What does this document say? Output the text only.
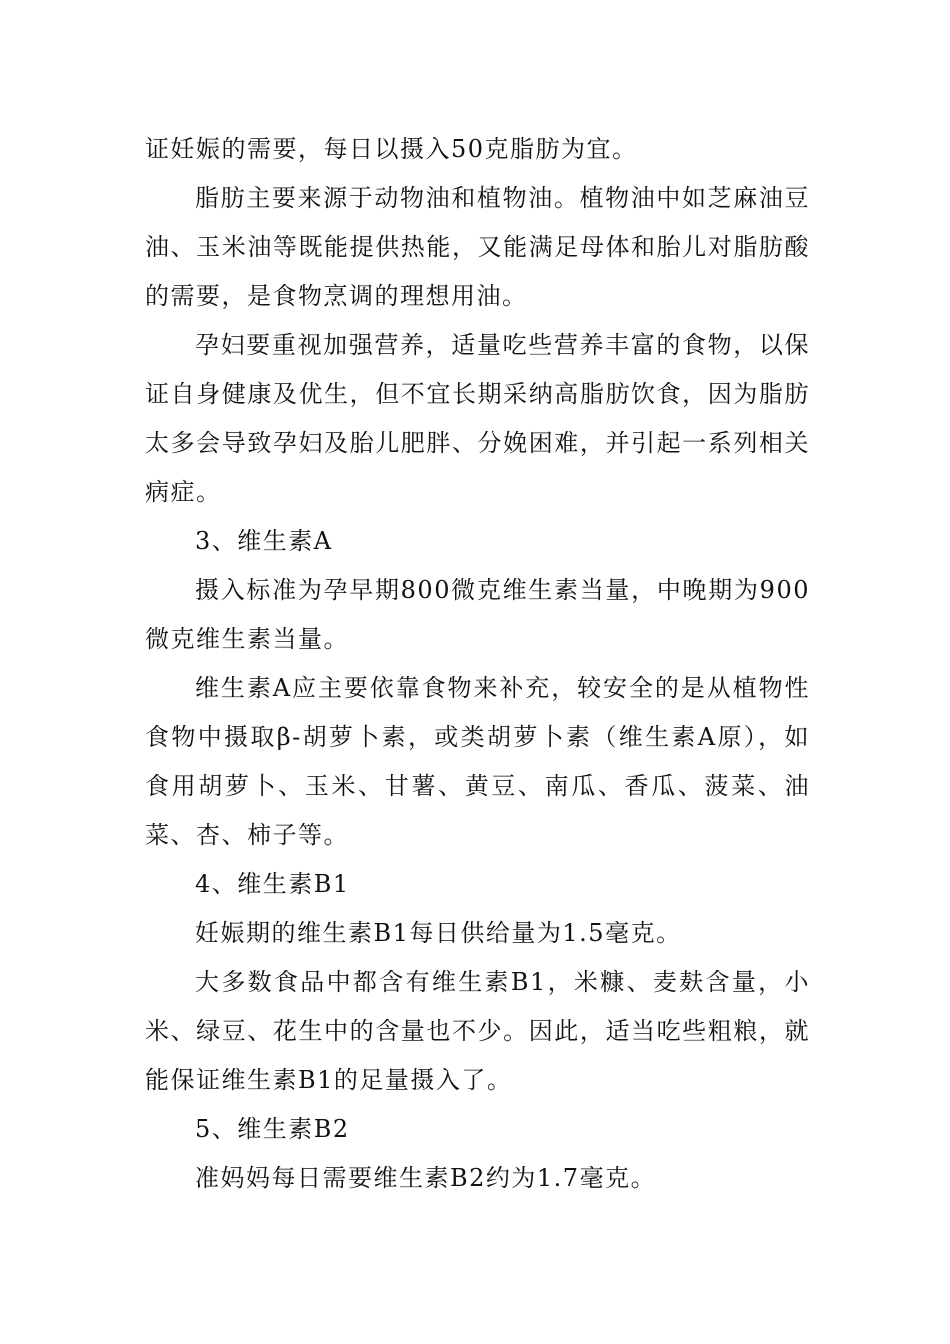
证妊娠的需要，每日以摄入50克脂肪为宜。

脂肪主要来源于动物油和植物油。植物油中如芝麻油豆油、玉米油等既能提供热能，又能满足母体和胎儿对脂肪酸的需要，是食物烹调的理想用油。

孕妇要重视加强营养，适量吃些营养丰富的食物，以保证自身健康及优生，但不宜长期采纳高脂肪饮食，因为脂肪太多会导致孕妇及胎儿肥胖、分娩困难，并引起一系列相关病症。

3、维生素A

摄入标准为孕早期800微克维生素当量，中晚期为900微克维生素当量。

维生素A应主要依靠食物来补充，较安全的是从植物性食物中摄取β-胡萝卜素，或类胡萝卜素（维生素A原），如食用胡萝卜、玉米、甘薯、黄豆、南瓜、香瓜、菠菜、油菜、杏、柿子等。

4、维生素B1

妊娠期的维生素B1每日供给量为1.5毫克。

大多数食品中都含有维生素B1，米糠、麦麸含量，小米、绿豆、花生中的含量也不少。因此，适当吃些粗粮，就能保证维生素B1的足量摄入了。

5、维生素B2

准妈妈每日需要维生素B2约为1.7毫克。
